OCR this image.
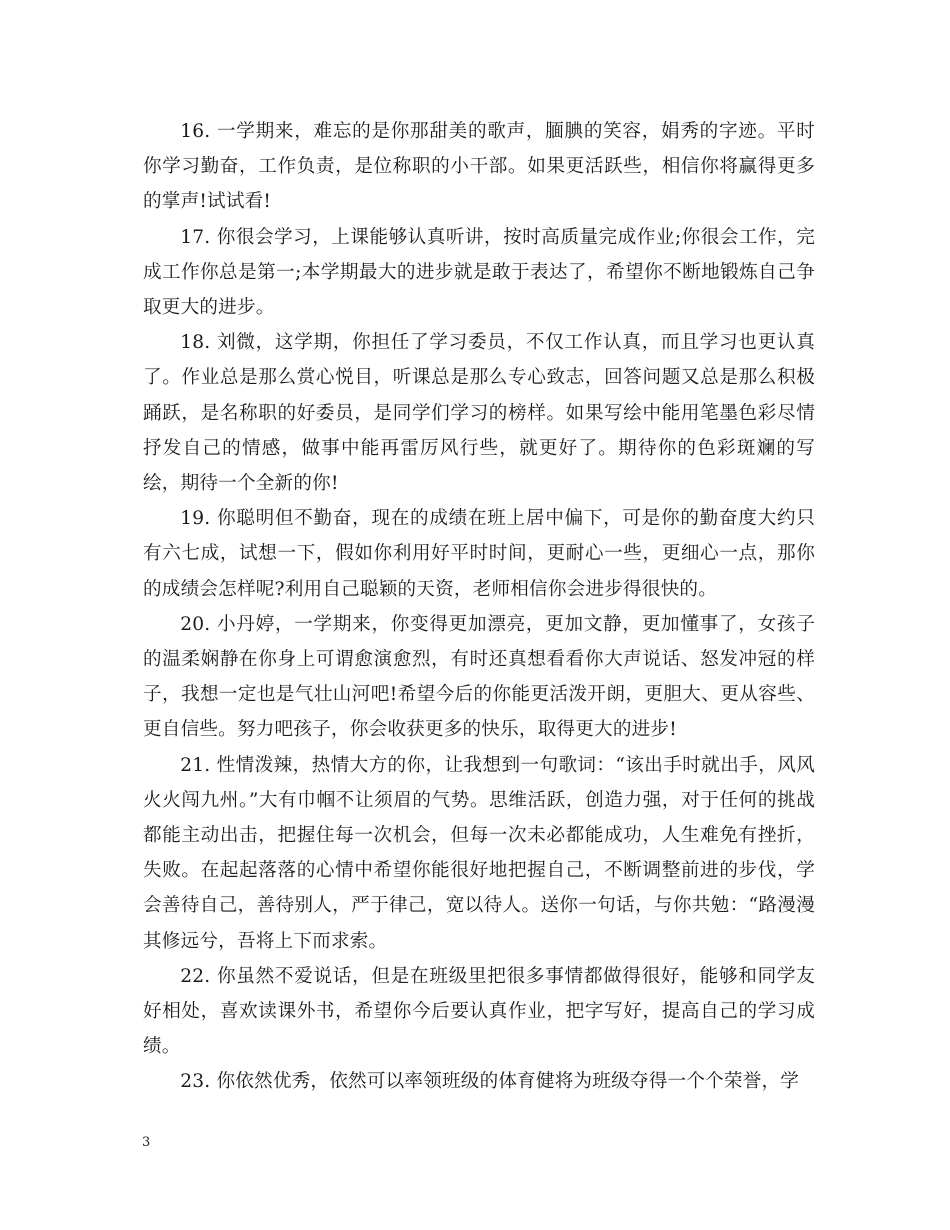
16. 一学期来，难忘的是你那甜美的歌声，腼腆的笑容，娟秀的字迹。平时你学习勤奋，工作负责，是位称职的小干部。如果更活跃些，相信你将赢得更多的掌声!试试看!

17. 你很会学习，上课能够认真听讲，按时高质量完成作业;你很会工作，完成工作你总是第一;本学期最大的进步就是敢于表达了，希望你不断地锻炼自己争取更大的进步。

18. 刘微，这学期，你担任了学习委员，不仅工作认真，而且学习也更认真了。作业总是那么赏心悦目，听课总是那么专心致志，回答问题又总是那么积极踊跃，是名称职的好委员，是同学们学习的榜样。如果写绘中能用笔墨色彩尽情抒发自己的情感，做事中能再雷厉风行些，就更好了。期待你的色彩斑斓的写绘，期待一个全新的你!

19. 你聪明但不勤奋，现在的成绩在班上居中偏下，可是你的勤奋度大约只有六七成，试想一下，假如你利用好平时时间，更耐心一些，更细心一点，那你的成绩会怎样呢?利用自己聪颖的天资，老师相信你会进步得很快的。

20. 小丹婷，一学期来，你变得更加漂亮，更加文静，更加懂事了，女孩子的温柔娴静在你身上可谓愈演愈烈，有时还真想看看你大声说话、怒发冲冠的样子，我想一定也是气壮山河吧!希望今后的你能更活泼开朗，更胆大、更从容些、更自信些。努力吧孩子，你会收获更多的快乐，取得更大的进步!

21. 性情泼辣，热情大方的你，让我想到一句歌词：“该出手时就出手，风风火火闯九州。”大有巾帼不让须眉的气势。思维活跃，创造力强，对于任何的挑战都能主动出击，把握住每一次机会，但每一次未必都能成功，人生难免有挫折，失败。在起起落落的心情中希望你能很好地把握自己，不断调整前进的步伐，学会善待自己，善待别人，严于律己，宽以待人。送你一句话，与你共勉：“路漫漫其修远兮，吾将上下而求索。

22. 你虽然不爱说话，但是在班级里把很多事情都做得很好，能够和同学友好相处，喜欢读课外书，希望你今后要认真作业，把字写好，提高自己的学习成绩。

23. 你依然优秀，依然可以率领班级的体育健将为班级夺得一个个荣誉，学

3
